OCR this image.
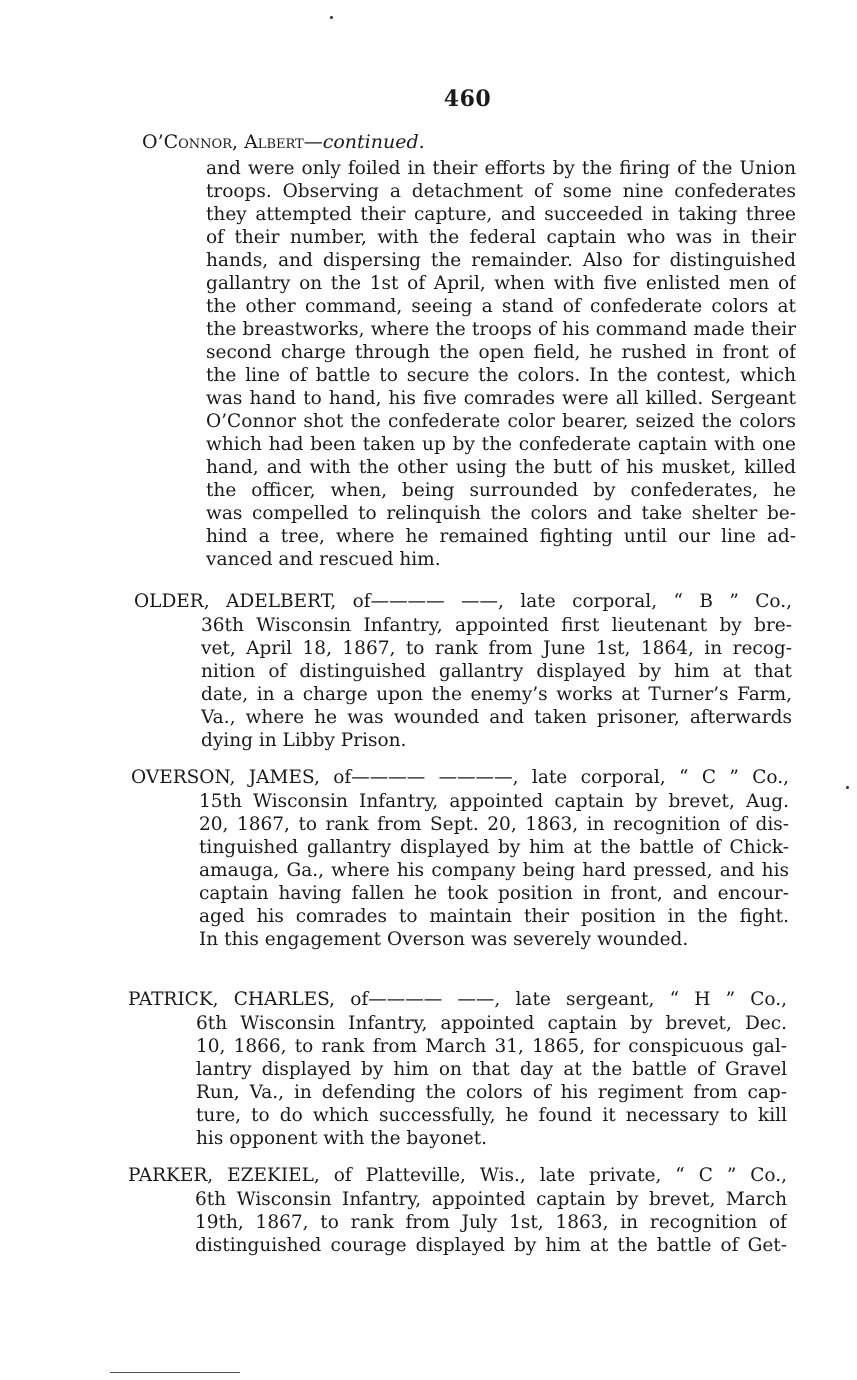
460
O’Connor, Albert—continued.
and were only foiled in their efforts by the firing of the Union
troops. Observing a detachment of some nine confederates
they attempted their capture, and succeeded in taking three
of their number, with the federal captain who was in their
hands, and dispersing the remainder. Also for distinguished
gallantry on the 1st of April, when with five enlisted men of
the other command, seeing a stand of confederate colors at
the breastworks, where the troops of his command made their
second charge through the open field, he rushed in front of
the line of battle to secure the colors. In the contest, which
was hand to hand, his five comrades were all killed. Sergeant
O’Connor shot the confederate color bearer, seized the colors
which had been taken up by the confederate captain with one
hand, and with the other using the butt of his musket, killed
the officer, when, being surrounded by confederates, he
was compelled to relinquish the colors and take shelter be-
hind a tree, where he remained fighting until our line ad-
vanced and rescued him.
OLDER, ADELBERT, of———— ——, late corporal, “ B ” Co.,
36th Wisconsin Infantry, appointed first lieutenant by bre-
vet, April 18, 1867, to rank from June 1st, 1864, in recog-
nition of distinguished gallantry displayed by him at that
date, in a charge upon the enemy’s works at Turner’s Farm,
Va., where he was wounded and taken prisoner, afterwards
dying in Libby Prison.
OVERSON, JAMES, of———— ————, late corporal, “ C ” Co.,
15th Wisconsin Infantry, appointed captain by brevet, Aug.
20, 1867, to rank from Sept. 20, 1863, in recognition of dis-
tinguished gallantry displayed by him at the battle of Chick-
amauga, Ga., where his company being hard pressed, and his
captain having fallen he took position in front, and encour-
aged his comrades to maintain their position in the fight.
In this engagement Overson was severely wounded.
PATRICK, CHARLES, of———— ——, late sergeant, “ H ” Co.,
6th Wisconsin Infantry, appointed captain by brevet, Dec.
10, 1866, to rank from March 31, 1865, for conspicuous gal-
lantry displayed by him on that day at the battle of Gravel
Run, Va., in defending the colors of his regiment from cap-
ture, to do which successfully, he found it necessary to kill
his opponent with the bayonet.
PARKER, EZEKIEL, of Platteville, Wis., late private, “ C ” Co.,
6th Wisconsin Infantry, appointed captain by brevet, March
19th, 1867, to rank from July 1st, 1863, in recognition of
distinguished courage displayed by him at the battle of Get-
